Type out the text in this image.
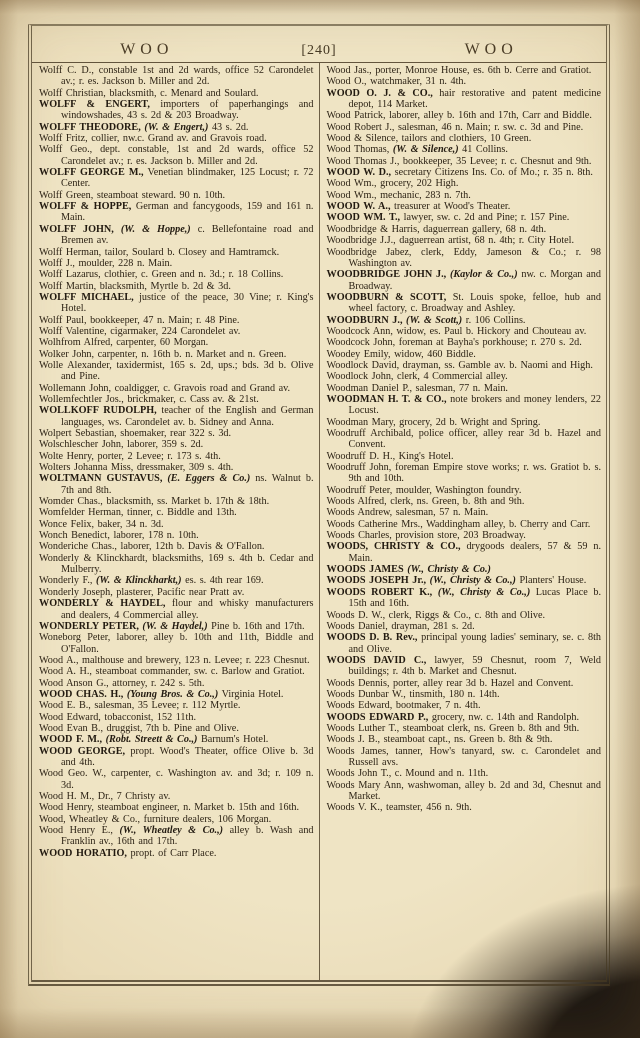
WOO	[240]	WOO

Wolff C. D., constable 1st and 2d wards, office 52 Carondelet av.; r. es. Jackson b. Miller and 2d.

Wolff Christian, blacksmith, c. Menard and Soulard.

WOLFF & ENGERT, importers of paperhangings and windowshades, 43 s. 2d & 203 Broadway.

WOLFF THEODORE, (W. & Engert,) 43 s. 2d.

Wolff Fritz, collier, nw.c. Grand av. and Gravois road.

Wolff Geo., dept. constable, 1st and 2d wards, office 52 Carondelet av.; r. es. Jackson b. Miller and 2d.

WOLFF GEORGE M., Venetian blindmaker, 125 Locust; r. 72 Center.

Wolff Green, steamboat steward. 90 n. 10th.

WOLFF & HOPPE, German and fancygoods, 159 and 161 n. Main.

WOLFF JOHN, (W. & Hoppe,) c. Bellefontaine road and Bremen av.

Wolff Herman, tailor, Soulard b. Closey and Hamtramck.

Wolff J., moulder, 228 n. Main.

Wolff Lazarus, clothier, c. Green and n. 3d.; r. 18 Collins.

Wolff Martin, blacksmith, Myrtle b. 2d & 3d.

WOLFF MICHAEL, justice of the peace, 30 Vine; r. King's Hotel.

Wolff Paul, bookkeeper, 47 n. Main; r. 48 Pine.

Wolff Valentine, cigarmaker, 224 Carondelet av.

Wolhfrom Alfred, carpenter, 60 Morgan.

Wolker John, carpenter, n. 16th b. n. Market and n. Green.

Wolle Alexander, taxidermist, 165 s. 2d, ups.; bds. 3d b. Olive and Pine.

Wollemann John, coaldigger, c. Gravois road and Grand av.

Wollemfechtler Jos., brickmaker, c. Cass av. & 21st.

WOLLKOFF RUDOLPH, teacher of the English and German languages, ws. Carondelet av. b. Sidney and Anna.

Wolpert Sebastian, shoemaker, rear 322 s. 3d.

Wolschlescher John, laborer, 359 s. 2d.

Wolte Henry, porter, 2 Levee; r. 173 s. 4th.

Wolters Johanna Miss, dressmaker, 309 s. 4th.

WOLTMANN GUSTAVUS, (E. Eggers & Co.) ns. Walnut b. 7th and 8th.

Womder Chas., blacksmith, ss. Market b. 17th & 18th.

Womfelder Herman, tinner, c. Biddle and 13th.

Wonce Felix, baker, 34 n. 3d.

Wonch Benedict, laborer, 178 n. 10th.

Wonderiche Chas., laborer, 12th b. Davis & O'Fallon.

Wonderly & Klinckhardt, blacksmiths, 169 s. 4th b. Cedar and Mulberry.

Wonderly F., (W. & Klinckharkt,) es. s. 4th rear 169.

Wonderly Joseph, plasterer, Pacific near Pratt av.

WONDERLY & HAYDEL, flour and whisky manufacturers and dealers, 4 Commercial alley.

WONDERLY PETER, (W. & Haydel,) Pine b. 16th and 17th.

Woneborg Peter, laborer, alley b. 10th and 11th, Biddle and O'Fallon.

Wood A., malthouse and brewery, 123 n. Levee; r. 223 Chesnut.

Wood A. H., steamboat commander, sw. c. Barlow and Gratiot.

Wood Anson G., attorney, r. 242 s. 5th.

WOOD CHAS. H., (Young Bros. & Co.,) Virginia Hotel.

Wood E. B., salesman, 35 Levee; r. 112 Myrtle.

Wood Edward, tobacconist, 152 11th.

Wood Evan B., druggist, 7th b. Pine and Olive.

WOOD F. M., (Robt. Streett & Co.,) Barnum's Hotel.

WOOD GEORGE, propt. Wood's Theater, office Olive b. 3d and 4th.

Wood Geo. W., carpenter, c. Washington av. and 3d; r. 109 n. 3d.

Wood H. M., Dr., 7 Christy av.

Wood Henry, steamboat engineer, n. Market b. 15th and 16th.

Wood, Wheatley & Co., furniture dealers, 106 Morgan.

Wood Henry E., (W., Wheatley & Co.,) alley b. Wash and Franklin av., 16th and 17th.

WOOD HORATIO, propt. of Carr Place.

Wood Jas., porter, Monroe House, es. 6th b. Cerre and Gratiot.

Wood O., watchmaker, 31 n. 4th.

WOOD O. J. & CO., hair restorative and patent medicine depot, 114 Market.

Wood Patrick, laborer, alley b. 16th and 17th, Carr and Biddle.

Wood Robert J., salesman, 46 n. Main; r. sw. c. 3d and Pine.

Wood & Silence, tailors and clothiers, 10 Green.

Wood Thomas, (W. & Silence,) 41 Collins.

Wood Thomas J., bookkeeper, 35 Levee; r. c. Chesnut and 9th.

WOOD W. D., secretary Citizens Ins. Co. of Mo.; r. 35 n. 8th.

Wood Wm., grocery, 202 High.

Wood Wm., mechanic, 283 n. 7th.

WOOD W. A., treasurer at Wood's Theater.

WOOD WM. T., lawyer, sw. c. 2d and Pine; r. 157 Pine.

Woodbridge & Harris, daguerrean gallery, 68 n. 4th.

Woodbridge J.J., daguerrean artist, 68 n. 4th; r. City Hotel.

Woodbridge Jabez, clerk, Eddy, Jameson & Co.; r. 98 Washington av.

WOODBRIDGE JOHN J., (Kaylor & Co.,) nw. c. Morgan and Broadway.

WOODBURN & SCOTT, St. Louis spoke, felloe, hub and wheel factory, c. Broadway and Ashley.

WOODBURN J., (W. & Scott,) r. 106 Collins.

Woodcock Ann, widow, es. Paul b. Hickory and Chouteau av.

Woodcock John, foreman at Bayha's porkhouse; r. 270 s. 2d.

Woodey Emily, widow, 460 Biddle.

Woodlock David, drayman, ss. Gamble av. b. Naomi and High.

Woodlock John, clerk, 4 Commercial alley.

Woodman Daniel P., salesman, 77 n. Main.

WOODMAN H. T. & CO., note brokers and money lenders, 22 Locust.

Woodman Mary, grocery, 2d b. Wright and Spring.

Woodruff Archibald, police officer, alley rear 3d b. Hazel and Convent.

Woodruff D. H., King's Hotel.

Woodruff John, foreman Empire stove works; r. ws. Gratiot b. s. 9th and 10th.

Woodruff Peter, moulder, Washington foundry.

Woods Alfred, clerk, ns. Green, b. 8th and 9th.

Woods Andrew, salesman, 57 n. Main.

Woods Catherine Mrs., Waddingham alley, b. Cherry and Carr.

Woods Charles, provision store, 203 Broadway.

WOODS, CHRISTY & CO., drygoods dealers, 57 & 59 n. Main.

WOODS JAMES (W., Christy & Co.)

WOODS JOSEPH Jr., (W., Christy & Co.,) Planters' House.

WOODS ROBERT K., (W., Christy & Co.,) Lucas Place b. 15th and 16th.

Woods D. W., clerk, Riggs & Co., c. 8th and Olive.

Woods Daniel, drayman, 281 s. 2d.

WOODS D. B. Rev., principal young ladies' seminary, se. c. 8th and Olive.

WOODS DAVID C., lawyer, 59 Chesnut, room 7, Weld buildings; r. 4th b. Market and Chesnut.

Woods Dennis, porter, alley rear 3d b. Hazel and Convent.

Woods Dunbar W., tinsmith, 180 n. 14th.

Woods Edward, bootmaker, 7 n. 4th.

WOODS EDWARD P., grocery, nw. c. 14th and Randolph.

Woods Luther T., steamboat clerk, ns. Green b. 8th and 9th.

Woods J. B., steamboat capt., ns. Green b. 8th & 9th.

Woods James, tanner, How's tanyard, sw. c. Carondelet and Russell avs.

Woods John T., c. Mound and n. 11th.

Woods Mary Ann, washwoman, alley b. 2d and 3d, Chesnut and Market.

Woods V. K., teamster, 456 n. 9th.
